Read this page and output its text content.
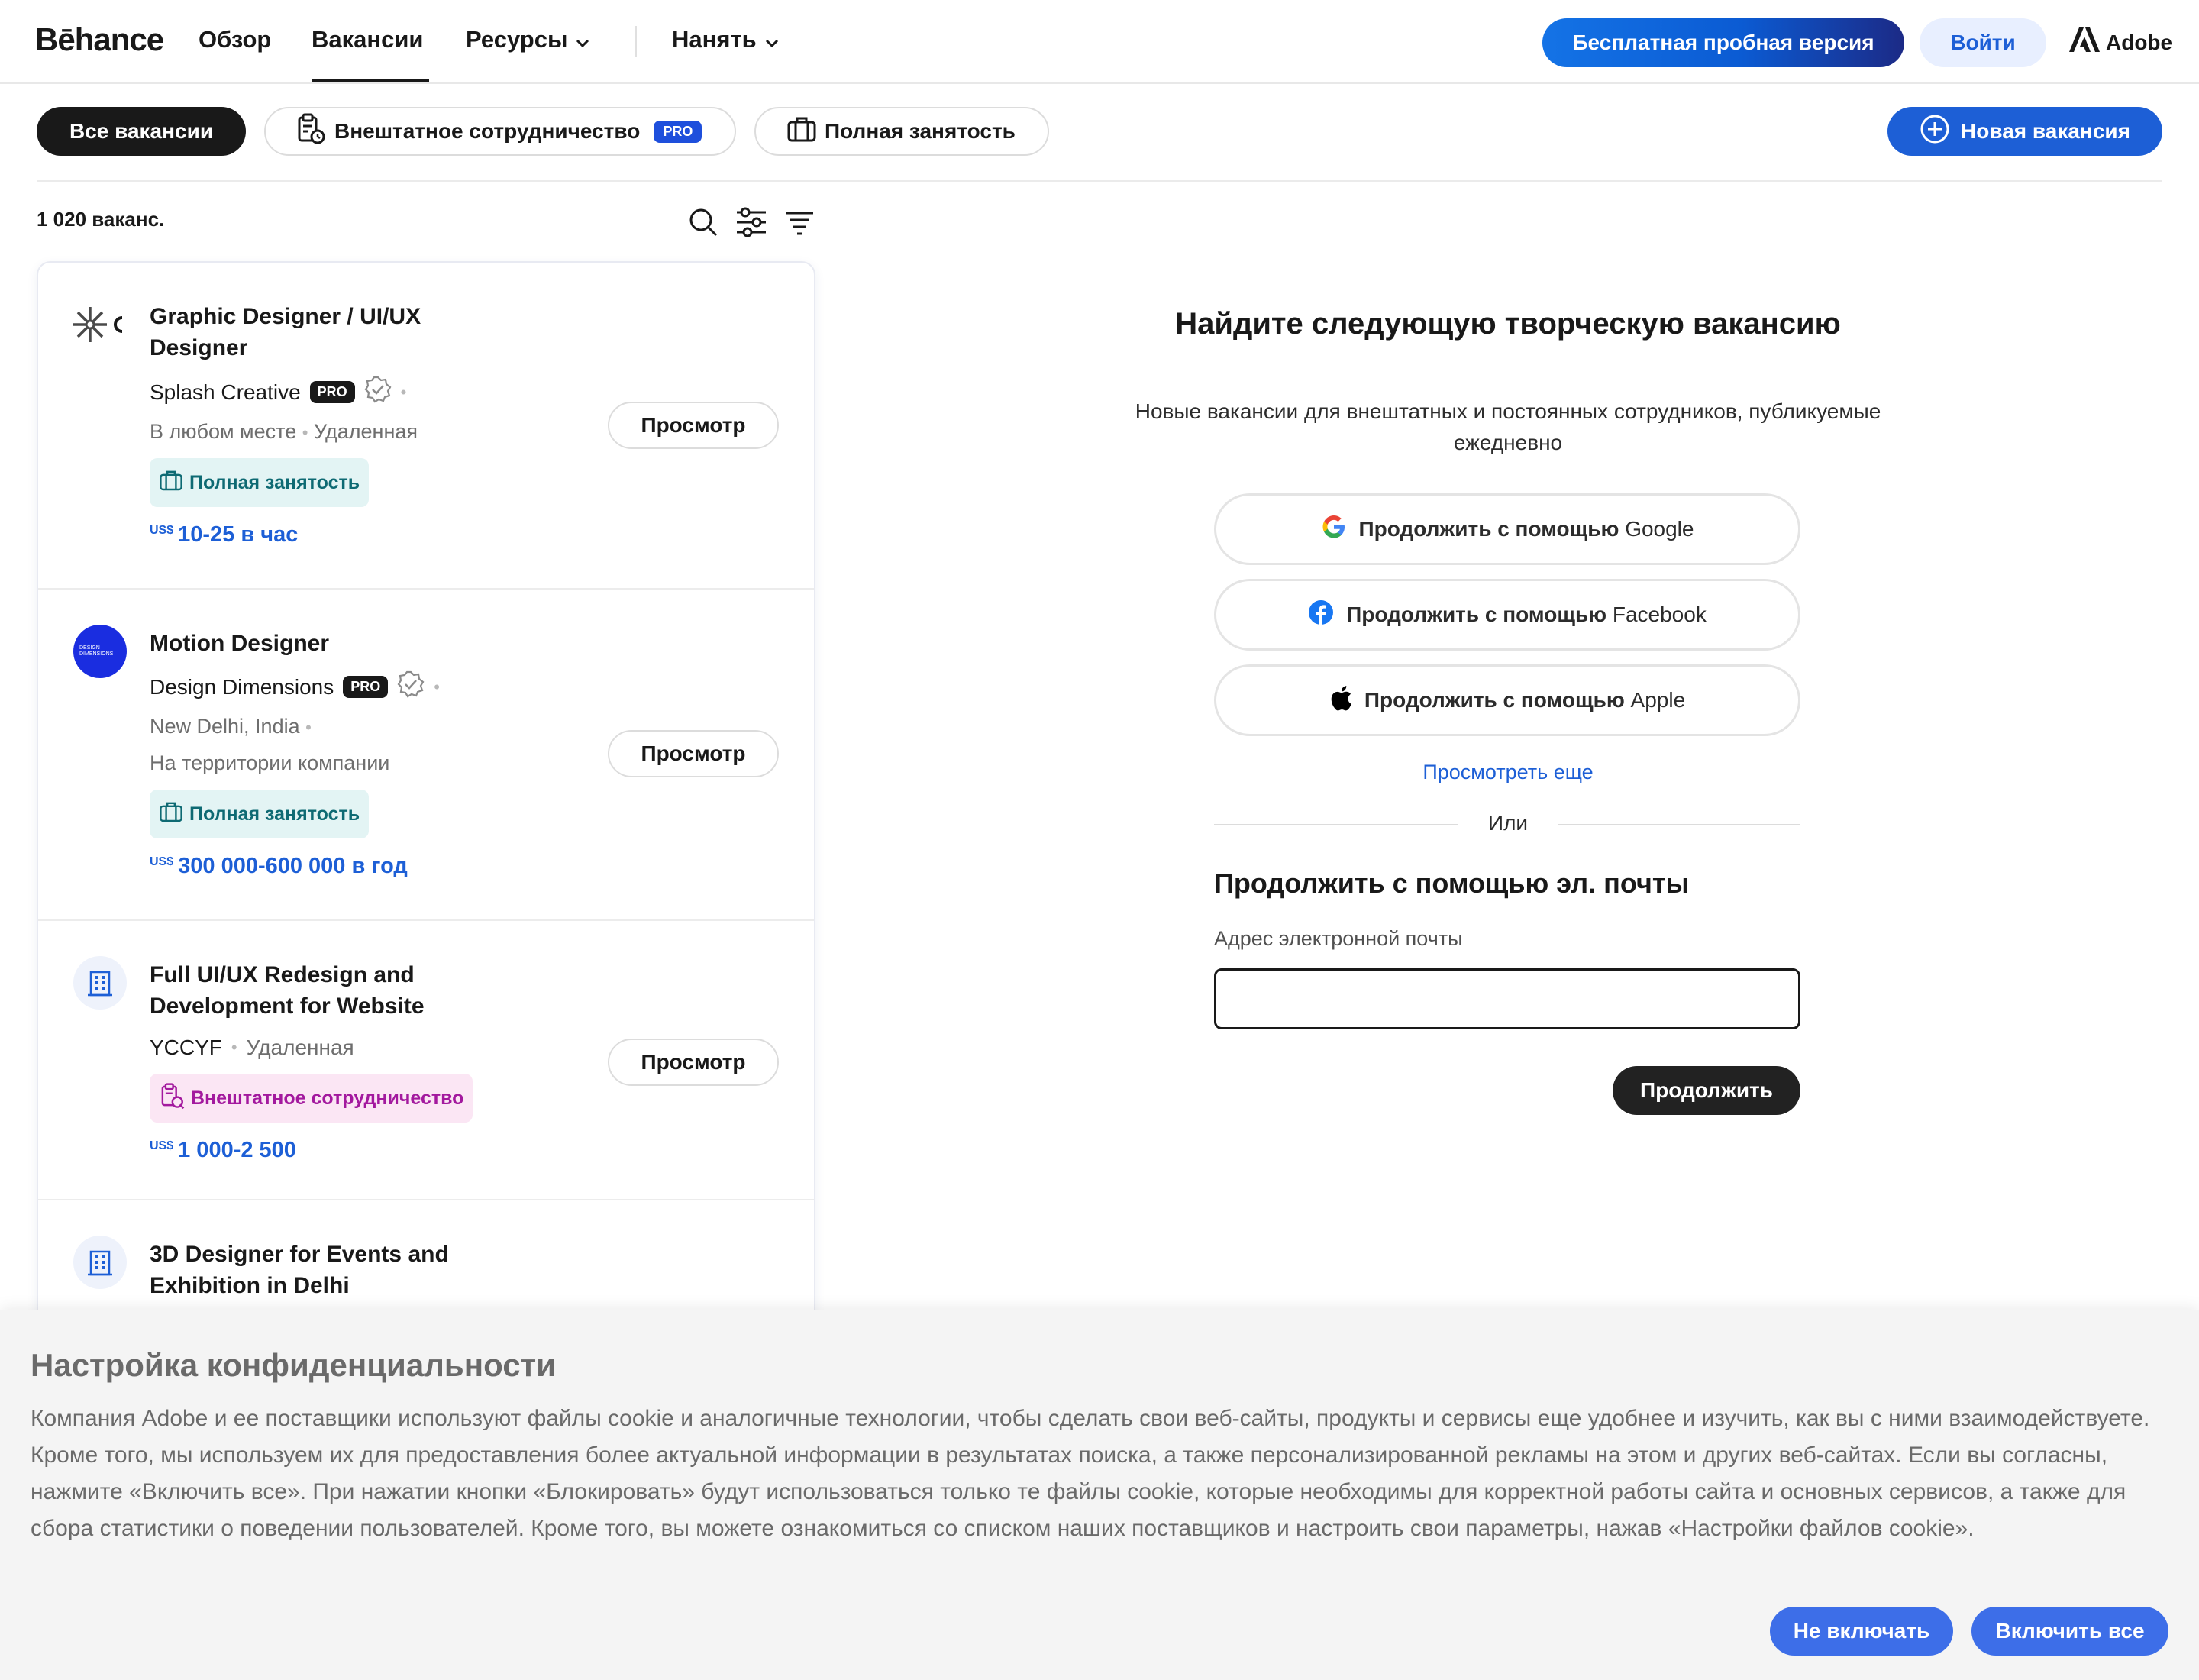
Bēhance Обзор Вакансии Ресурсы	Нанять	Бесплатная пробная версия	Войти	Adobe
Все вакансии	Внештатное сотрудничество	PRO	Полная занятость	Новая вакансия
1 020 ваканс.
Graphic Designer / UI/UX Designer
Splash Creative	PRO	•
В любом месте • Удаленная
Полная занятость
US$ 10-25 в час
Просмотр
DESIGN DIMENSIONS	Motion Designer
Design Dimensions	PRO	•
New Delhi, India •
На территории компании
Полная занятость
US$ 300 000-600 000 в год
Просмотр
Full UI/UX Redesign and Development for Website
YCCYF • Удаленная
Внештатное сотрудничество
US$ 1 000-2 500
Просмотр
3D Designer for Events and Exhibition in Delhi
Найдите следующую творческую вакансию
Новые вакансии для внештатных и постоянных сотрудников, публикуемые ежедневно
Продолжить с помощью Google
Продолжить с помощью Facebook
Продолжить с помощью Apple
Просмотреть еще
Или
Продолжить с помощью эл. почты
Адрес электронной почты
Продолжить
Настройка конфиденциальности
Компания Adobe и ее поставщики используют файлы cookie и аналогичные технологии, чтобы сделать свои веб-сайты, продукты и сервисы еще удобнее и изучить, как вы с ними взаимодействуете. Кроме того, мы используем их для предоставления более актуальной информации в результатах поиска, а также персонализированной рекламы на этом и других веб-сайтах. Если вы согласны, нажмите «Включить все». При нажатии кнопки «Блокировать» будут использоваться только те файлы cookie, которые необходимы для корректной работы сайта и основных сервисов, а также для сбора статистики о поведении пользователей. Кроме того, вы можете ознакомиться со списком наших поставщиков и настроить свои параметры, нажав «Настройки файлов cookie».
Не включать	Включить все
